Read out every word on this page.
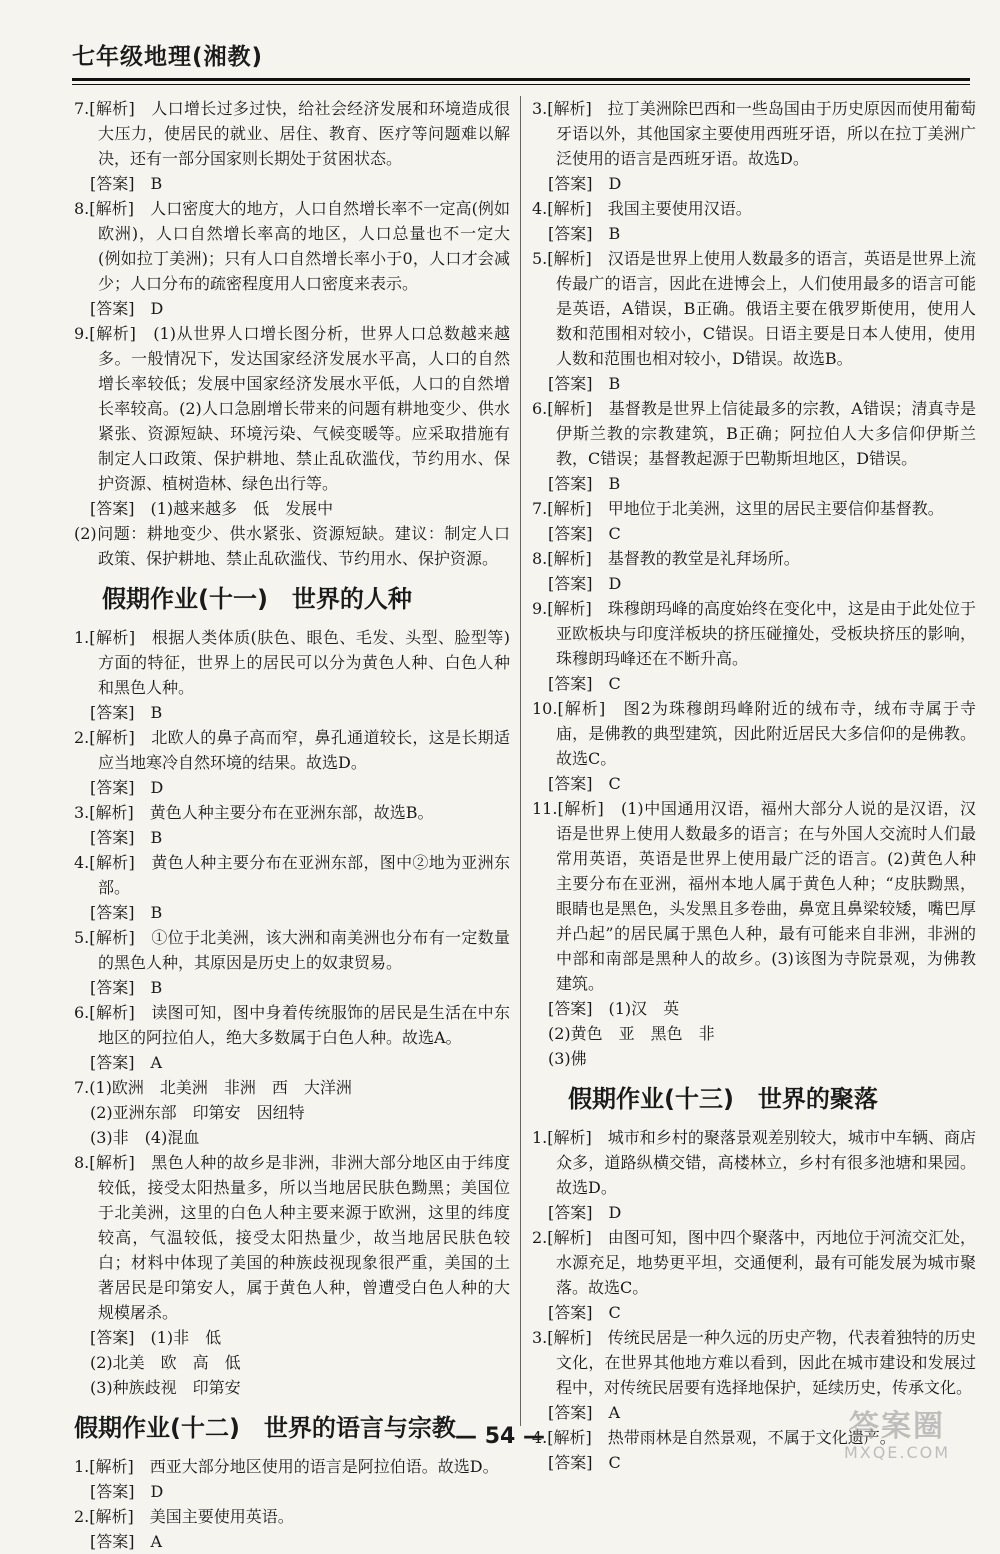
七年级地理(湘教)

7.[解析]　人口增长过多过快，给社会经济发展和环境造成很大压力，使居民的就业、居住、教育、医疗等问题难以解决，还有一部分国家则长期处于贫困状态。

[答案]　B

8.[解析]　人口密度大的地方，人口自然增长率不一定高(例如欧洲)，人口自然增长率高的地区，人口总量也不一定大(例如拉丁美洲)；只有人口自然增长率小于0，人口才会减少；人口分布的疏密程度用人口密度来表示。

[答案]　D

9.[解析]　(1)从世界人口增长图分析，世界人口总数越来越多。一般情况下，发达国家经济发展水平高，人口的自然增长率较低；发展中国家经济发展水平低，人口的自然增长率较高。(2)人口急剧增长带来的问题有耕地变少、供水紧张、资源短缺、环境污染、气候变暖等。应采取措施有制定人口政策、保护耕地、禁止乱砍滥伐，节约用水、保护资源、植树造林、绿色出行等。

[答案]　(1)越来越多　低　发展中

(2)问题：耕地变少、供水紧张、资源短缺。建议：制定人口政策、保护耕地、禁止乱砍滥伐、节约用水、保护资源。

假期作业(十一)　世界的人种

1.[解析]　根据人类体质(肤色、眼色、毛发、头型、脸型等)方面的特征，世界上的居民可以分为黄色人种、白色人种和黑色人种。

[答案]　B

2.[解析]　北欧人的鼻子高而窄，鼻孔通道较长，这是长期适应当地寒冷自然环境的结果。故选D。

[答案]　D

3.[解析]　黄色人种主要分布在亚洲东部，故选B。

[答案]　B

4.[解析]　黄色人种主要分布在亚洲东部，图中②地为亚洲东部。

[答案]　B

5.[解析]　①位于北美洲，该大洲和南美洲也分布有一定数量的黑色人种，其原因是历史上的奴隶贸易。

[答案]　B

6.[解析]　读图可知，图中身着传统服饰的居民是生活在中东地区的阿拉伯人，绝大多数属于白色人种。故选A。

[答案]　A

7.(1)欧洲　北美洲　非洲　西　大洋洲

(2)亚洲东部　印第安　因纽特

(3)非　(4)混血

8.[解析]　黑色人种的故乡是非洲，非洲大部分地区由于纬度较低，接受太阳热量多，所以当地居民肤色黝黑；美国位于北美洲，这里的白色人种主要来源于欧洲，这里的纬度较高，气温较低，接受太阳热量少，故当地居民肤色较白；材料中体现了美国的种族歧视现象很严重，美国的土著居民是印第安人，属于黄色人种，曾遭受白色人种的大规模屠杀。

[答案]　(1)非　低

(2)北美　欧　高　低

(3)种族歧视　印第安

假期作业(十二)　世界的语言与宗教

1.[解析]　西亚大部分地区使用的语言是阿拉伯语。故选D。

[答案]　D

2.[解析]　美国主要使用英语。

[答案]　A

3.[解析]　拉丁美洲除巴西和一些岛国由于历史原因而使用葡萄牙语以外，其他国家主要使用西班牙语，所以在拉丁美洲广泛使用的语言是西班牙语。故选D。

[答案]　D

4.[解析]　我国主要使用汉语。

[答案]　B

5.[解析]　汉语是世界上使用人数最多的语言，英语是世界上流传最广的语言，因此在进博会上，人们使用最多的语言可能是英语，A错误，B正确。俄语主要在俄罗斯使用，使用人数和范围相对较小，C错误。日语主要是日本人使用，使用人数和范围也相对较小，D错误。故选B。

[答案]　B

6.[解析]　基督教是世界上信徒最多的宗教，A错误；清真寺是伊斯兰教的宗教建筑，B正确；阿拉伯人大多信仰伊斯兰教，C错误；基督教起源于巴勒斯坦地区，D错误。

[答案]　B

7.[解析]　甲地位于北美洲，这里的居民主要信仰基督教。

[答案]　C

8.[解析]　基督教的教堂是礼拜场所。

[答案]　D

9.[解析]　珠穆朗玛峰的高度始终在变化中，这是由于此处位于亚欧板块与印度洋板块的挤压碰撞处，受板块挤压的影响，珠穆朗玛峰还在不断升高。

[答案]　C

10.[解析]　图2为珠穆朗玛峰附近的绒布寺，绒布寺属于寺庙，是佛教的典型建筑，因此附近居民大多信仰的是佛教。故选C。

[答案]　C

11.[解析]　(1)中国通用汉语，福州大部分人说的是汉语，汉语是世界上使用人数最多的语言；在与外国人交流时人们最常用英语，英语是世界上使用最广泛的语言。(2)黄色人种主要分布在亚洲，福州本地人属于黄色人种；“皮肤黝黑，眼睛也是黑色，头发黑且多卷曲，鼻宽且鼻梁较矮，嘴巴厚并凸起”的居民属于黑色人种，最有可能来自非洲，非洲的中部和南部是黑种人的故乡。(3)该图为寺院景观，为佛教建筑。

[答案]　(1)汉　英

(2)黄色　亚　黑色　非

(3)佛

假期作业(十三)　世界的聚落

1.[解析]　城市和乡村的聚落景观差别较大，城市中车辆、商店众多，道路纵横交错，高楼林立，乡村有很多池塘和果园。故选D。

[答案]　D

2.[解析]　由图可知，图中四个聚落中，丙地位于河流交汇处，水源充足，地势更平坦，交通便利，最有可能发展为城市聚落。故选C。

[答案]　C

3.[解析]　传统民居是一种久远的历史产物，代表着独特的历史文化，在世界其他地方难以看到，因此在城市建设和发展过程中，对传统民居要有选择地保护，延续历史，传承文化。

[答案]　A

4.[解析]　热带雨林是自然景观，不属于文化遗产。

[答案]　C

— 54 —	答案圈
MXQE.COM
